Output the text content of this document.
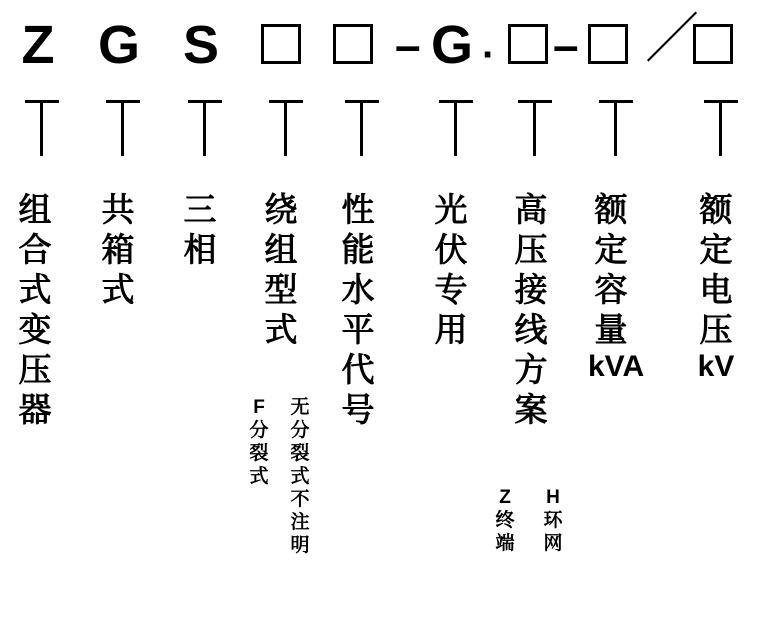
Z G S	– G · – ／
组
合
式
变
压
器
共
箱
式
三
相
绕
组
型
式
性
能
水
平
代
号
光
伏
专
用
高
压
接
线
方
案
额
定
容
量
kVA
额
定
电
压
kV
F
分
裂
式
无
分
裂
式
不
注
明
Z
终
端
H
环
网
